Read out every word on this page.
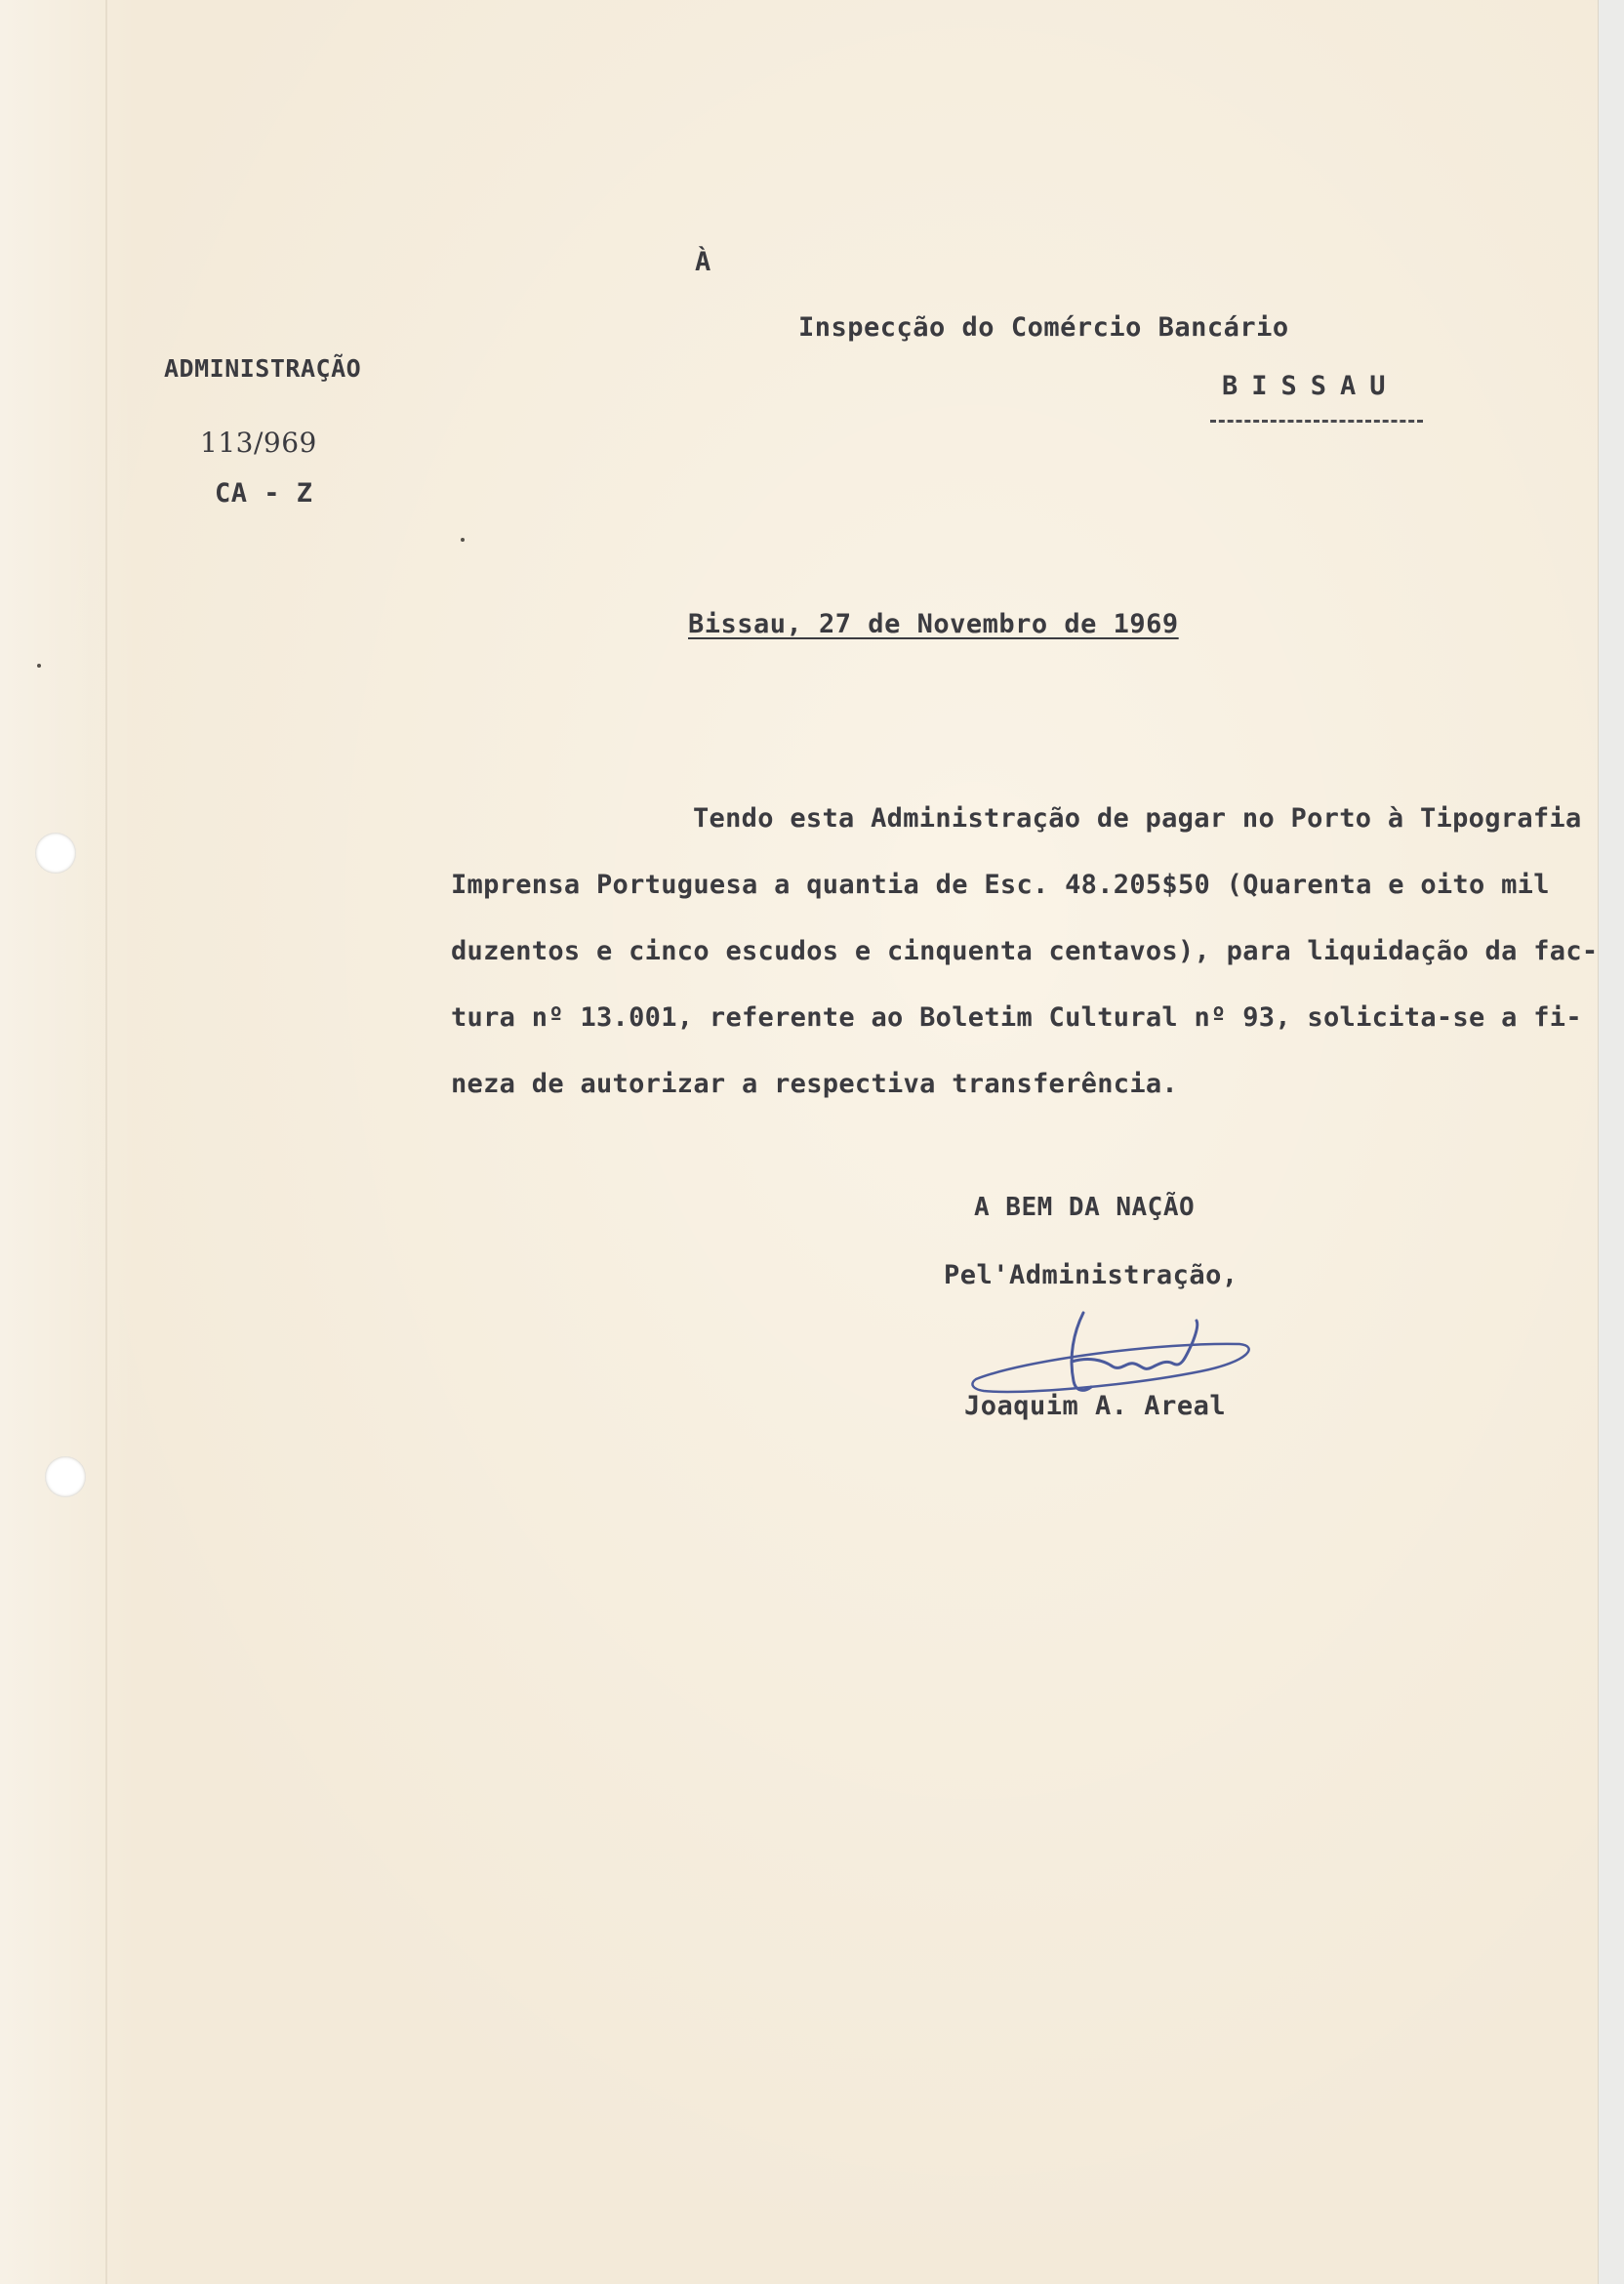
À
Inspecção do Comércio Bancário
BISSAU
ADMINISTRAÇÃO
113/969
CA - Z
Bissau, 27 de Novembro de 1969
Tendo esta Administração de pagar no Porto à Tipografia
Imprensa Portuguesa a quantia de Esc. 48.205$50 (Quarenta e oito mil
duzentos e cinco escudos e cinquenta centavos), para liquidação da fac-
tura nº 13.001, referente ao Boletim Cultural nº 93, solicita-se a fi-
neza de autorizar a respectiva transferência.
A BEM DA NAÇÃO
Pel'Administração,
Joaquim A. Areal
